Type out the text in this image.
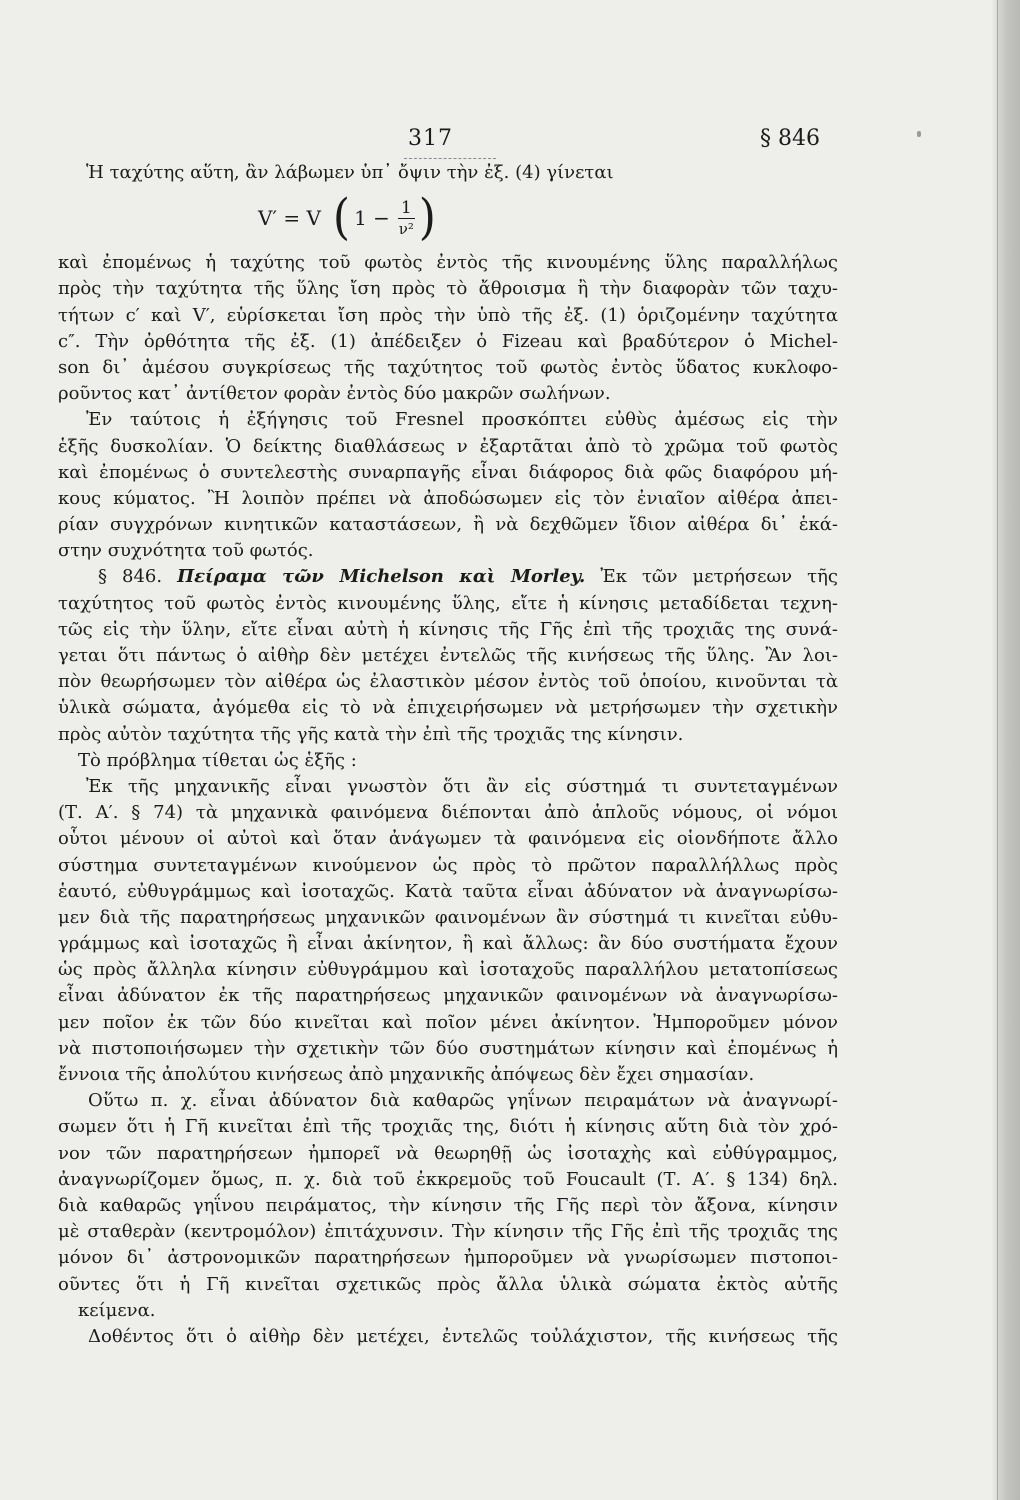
317	§ 846
Ἡ ταχύτης αὕτη, ἂν λάβωμεν ὑπ᾽ ὄψιν τὴν ἐξ. (4) γίνεται
V′ = V ( $1 - \frac{1}{\text{ν²}}$ )
καὶ ἐπομένως ἡ ταχύτης τοῦ φωτὸς ἐντὸς τῆς κινουμένης ὕλης παραλλήλως
πρὸς τὴν ταχύτητα τῆς ὕλης ἴση πρὸς τὸ ἄθροισμα ἢ τὴν διαφορὰν τῶν ταχυ-
τήτων c′ καὶ V′, εὑρίσκεται ἴση πρὸς τὴν ὑπὸ τῆς ἐξ. (1) ὁριζομένην ταχύτητα
c″. Τὴν ὀρθότητα τῆς ἐξ. (1) ἀπέδειξεν ὁ Fizeau καὶ βραδύτερον ὁ Michel-
son δι᾽ ἀμέσου συγκρίσεως τῆς ταχύτητος τοῦ φωτὸς ἐντὸς ὕδατος κυκλοφο-
ροῦντος κατ᾽ ἀντίθετον φορὰν ἐντὸς δύο μακρῶν σωλήνων.
Ἐν ταύτοις ἡ ἐξήγησις τοῦ Fresnel προσκόπτει εὐθὺς ἀμέσως εἰς τὴν
ἑξῆς δυσκολίαν. Ὁ δείκτης διαθλάσεως ν ἐξαρτᾶται ἀπὸ τὸ χρῶμα τοῦ φωτὸς
καὶ ἐπομένως ὁ συντελεστὴς συναρπαγῆς εἶναι διάφορος διὰ φῶς διαφόρου μή-
κους κύματος. Ἢ λοιπὸν πρέπει νὰ ἀποδώσωμεν εἰς τὸν ἐνιαῖον αἰθέρα ἀπει-
ρίαν συγχρόνων κινητικῶν καταστάσεων, ἢ νὰ δεχθῶμεν ἴδιον αἰθέρα δι᾽ ἑκά-
στην συχνότητα τοῦ φωτός.
§ 846. Πείραμα τῶν Michelson καὶ Morley. Ἐκ τῶν μετρήσεων τῆς
ταχύτητος τοῦ φωτὸς ἐντὸς κινουμένης ὕλης, εἴτε ἡ κίνησις μεταδίδεται τεχνη-
τῶς εἰς τὴν ὕλην, εἴτε εἶναι αὐτὴ ἡ κίνησις τῆς Γῆς ἐπὶ τῆς τροχιᾶς της συνά-
γεται ὅτι πάντως ὁ αἰθὴρ δὲν μετέχει ἐντελῶς τῆς κινήσεως τῆς ὕλης. Ἂν λοι-
πὸν θεωρήσωμεν τὸν αἰθέρα ὡς ἐλαστικὸν μέσον ἐντὸς τοῦ ὁποίου, κινοῦνται τὰ
ὑλικὰ σώματα, ἀγόμεθα εἰς τὸ νὰ ἐπιχειρήσωμεν νὰ μετρήσωμεν τὴν σχετικὴν
πρὸς αὐτὸν ταχύτητα τῆς γῆς κατὰ τὴν ἐπὶ τῆς τροχιᾶς της κίνησιν.
Τὸ πρόβλημα τίθεται ὡς ἑξῆς :
Ἐκ τῆς μηχανικῆς εἶναι γνωστὸν ὅτι ἂν εἰς σύστημά τι συντεταγμένων
(Τ. Α′. § 74) τὰ μηχανικὰ φαινόμενα διέπονται ἀπὸ ἁπλοῦς νόμους, οἱ νόμοι
οὗτοι μένουν οἱ αὐτοὶ καὶ ὅταν ἀνάγωμεν τὰ φαινόμενα εἰς οἱονδήποτε ἄλλο
σύστημα συντεταγμένων κινούμενον ὡς πρὸς τὸ πρῶτον παραλλήλλως πρὸς
ἑαυτό, εὐθυγράμμως καὶ ἰσοταχῶς. Κατὰ ταῦτα εἶναι ἀδύνατον νὰ ἀναγνωρίσω-
μεν διὰ τῆς παρατηρήσεως μηχανικῶν φαινομένων ἂν σύστημά τι κινεῖται εὐθυ-
γράμμως καὶ ἰσοταχῶς ἢ εἶναι ἀκίνητον, ἢ καὶ ἄλλως: ἂν δύο συστήματα ἔχουν
ὡς πρὸς ἄλληλα κίνησιν εὐθυγράμμου καὶ ἰσοταχοῦς παραλλήλου μετατοπίσεως
εἶναι ἀδύνατον ἐκ τῆς παρατηρήσεως μηχανικῶν φαινομένων νὰ ἀναγνωρίσω-
μεν ποῖον ἐκ τῶν δύο κινεῖται καὶ ποῖον μένει ἀκίνητον. Ἠμποροῦμεν μόνον
νὰ πιστοποιήσωμεν τὴν σχετικὴν τῶν δύο συστημάτων κίνησιν καὶ ἐπομένως ἡ
ἔννοια τῆς ἀπολύτου κινήσεως ἀπὸ μηχανικῆς ἀπόψεως δὲν ἔχει σημασίαν.
Οὕτω π. χ. εἶναι ἀδύνατον διὰ καθαρῶς γηΐνων πειραμάτων νὰ ἀναγνωρί-
σωμεν ὅτι ἡ Γῆ κινεῖται ἐπὶ τῆς τροχιᾶς της, διότι ἡ κίνησις αὕτη διὰ τὸν χρό-
νον τῶν παρατηρήσεων ἠμπορεῖ νὰ θεωρηθῇ ὡς ἰσοταχὴς καὶ εὐθύγραμμος,
ἀναγνωρίζομεν ὅμως, π. χ. διὰ τοῦ ἐκκρεμοῦς τοῦ Foucault (Τ. Α′. § 134) δηλ.
διὰ καθαρῶς γηΐνου πειράματος, τὴν κίνησιν τῆς Γῆς περὶ τὸν ἄξονα, κίνησιν
μὲ σταθερὰν (κεντρομόλον) ἐπιτάχυνσιν. Τὴν κίνησιν τῆς Γῆς ἐπὶ τῆς τροχιᾶς της
μόνον δι᾽ ἀστρονομικῶν παρατηρήσεων ἠμποροῦμεν νὰ γνωρίσωμεν πιστοποι-
οῦντες ὅτι ἡ Γῆ κινεῖται σχετικῶς πρὸς ἄλλα ὑλικὰ σώματα ἐκτὸς αὐτῆς
κείμενα.
Δοθέντος ὅτι ὁ αἰθὴρ δὲν μετέχει, ἐντελῶς τοὐλάχιστον, τῆς κινήσεως τῆς
